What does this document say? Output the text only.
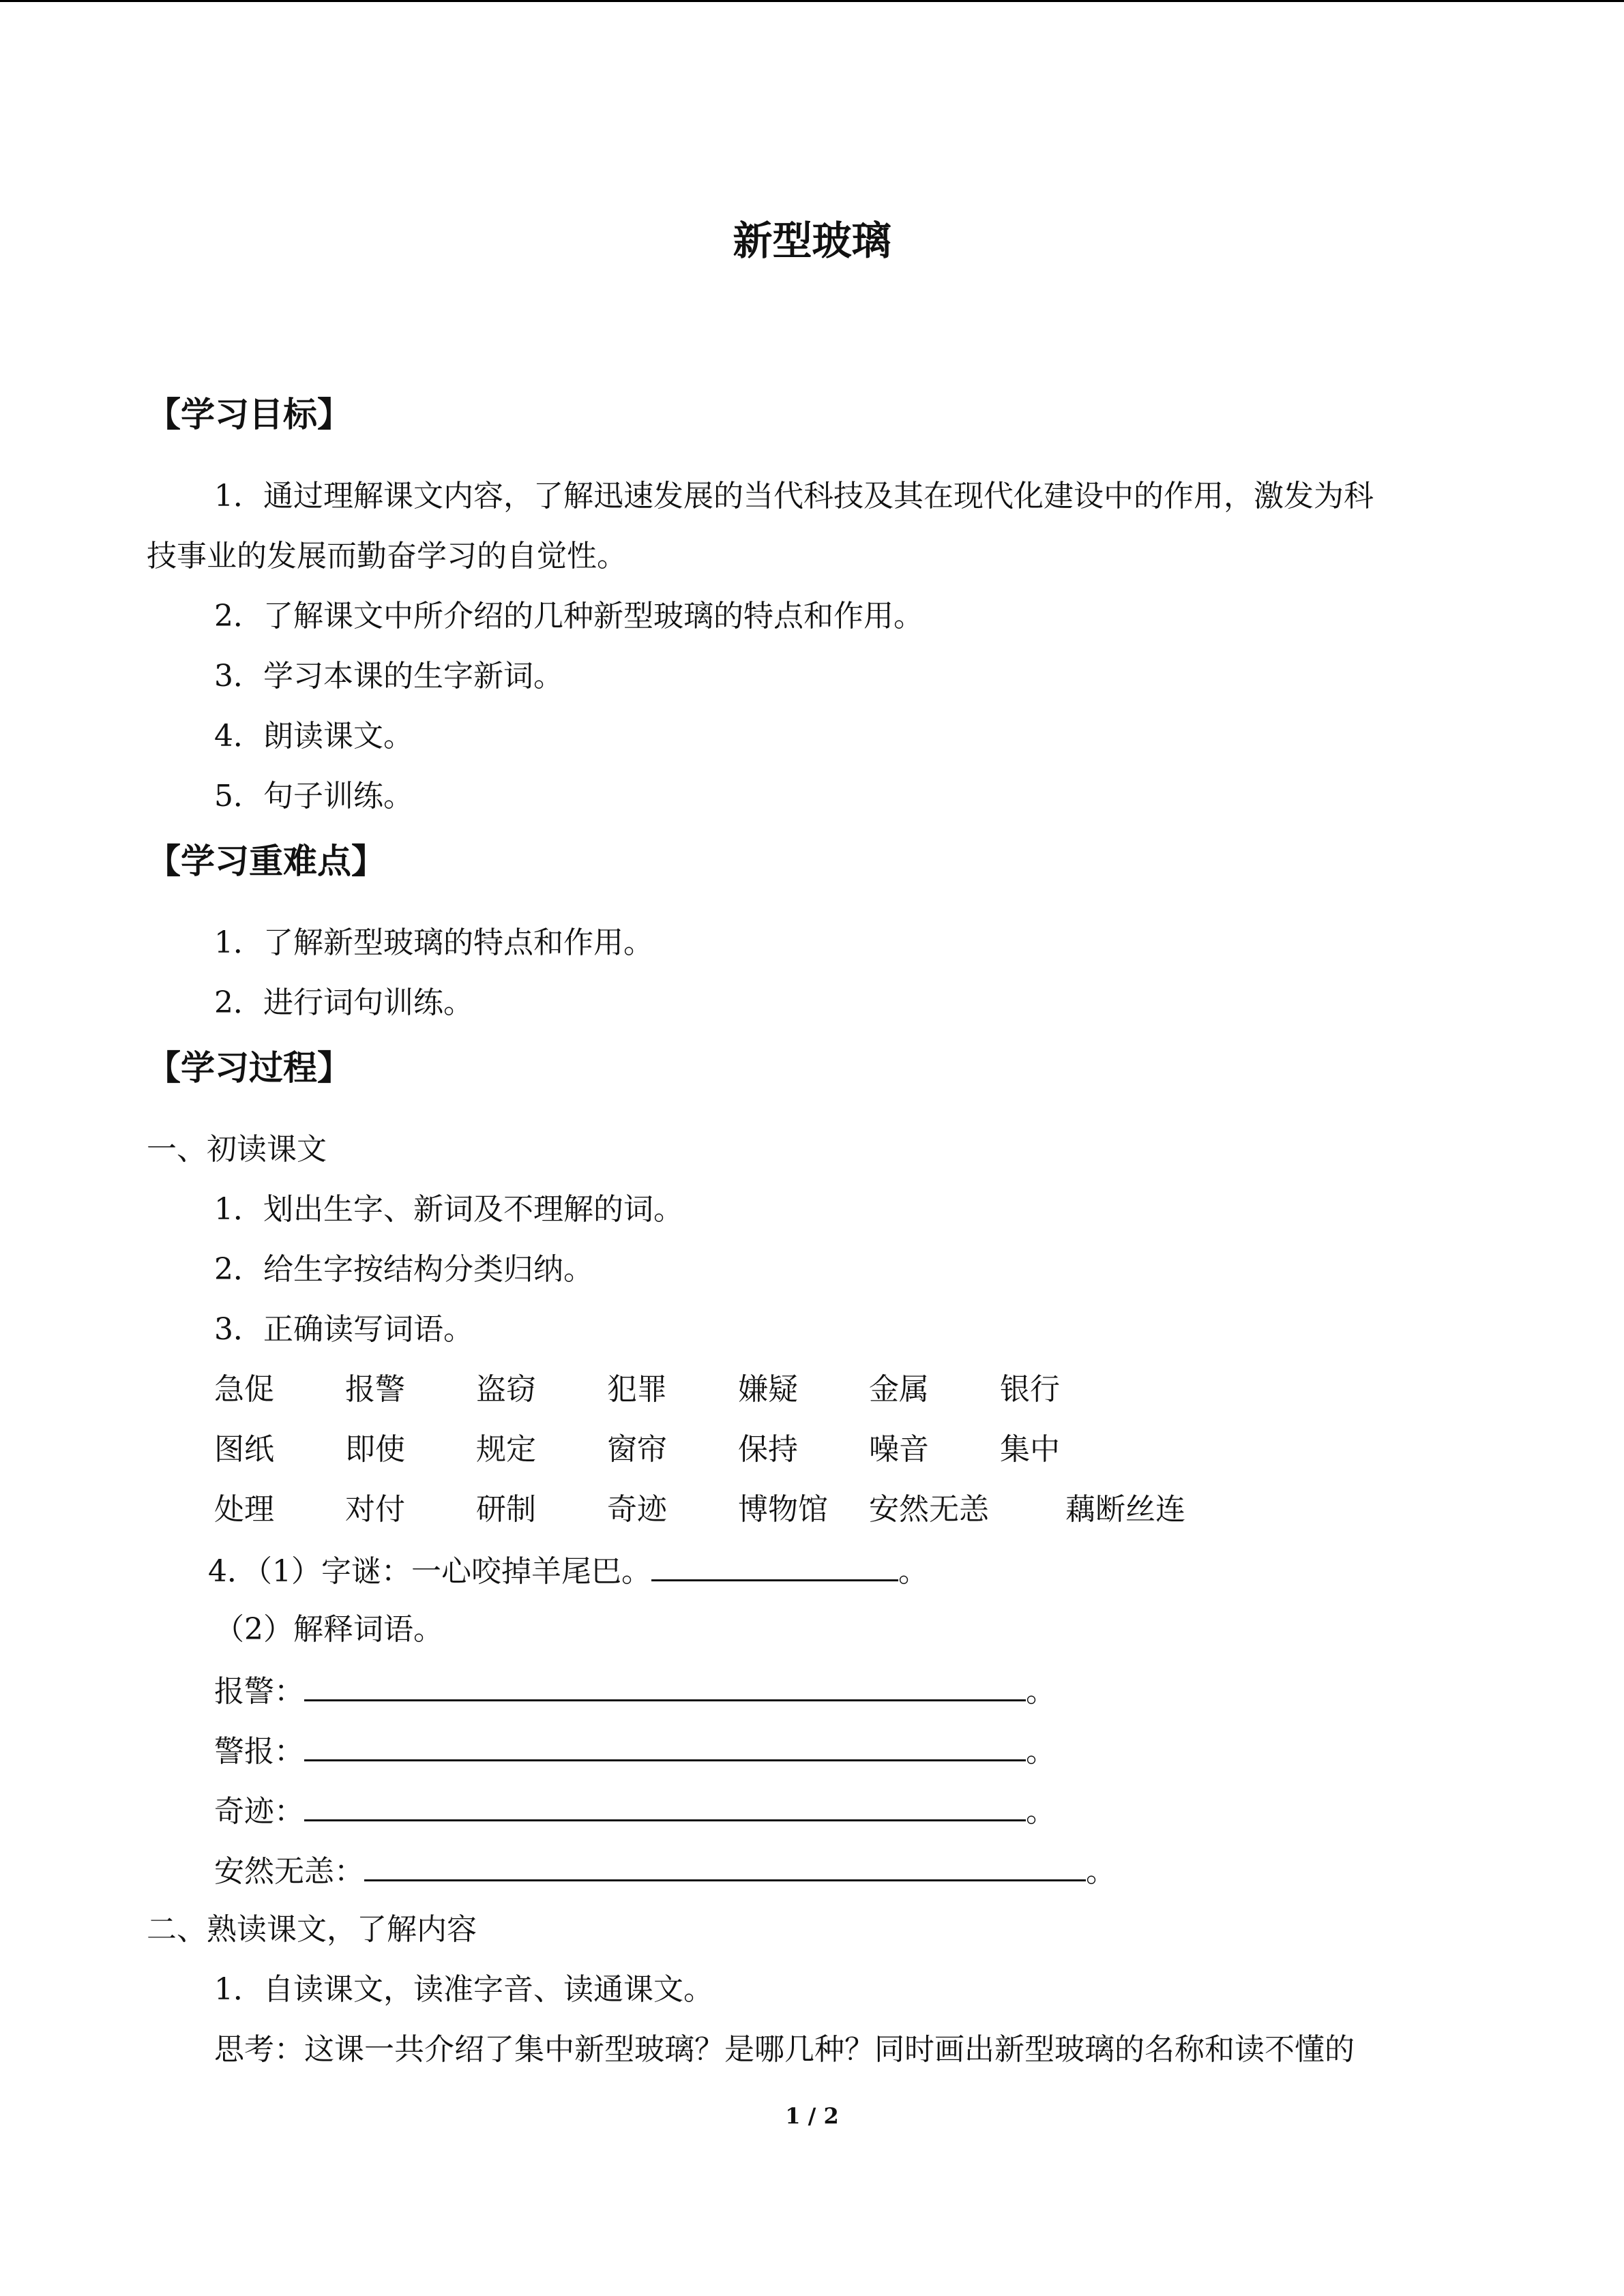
新型玻璃
【学习目标】
1．通过理解课文内容，了解迅速发展的当代科技及其在现代化建设中的作用，激发为科
技事业的发展而勤奋学习的自觉性。
2．了解课文中所介绍的几种新型玻璃的特点和作用。
3．学习本课的生字新词。
4．朗读课文。
5．句子训练。
【学习重难点】
1．了解新型玻璃的特点和作用。
2．进行词句训练。
【学习过程】
一、初读课文
1．划出生字、新词及不理解的词。
2．给生字按结构分类归纳。
3．正确读写词语。
急促 报警 盗窃 犯罪 嫌疑 金属 银行
图纸 即使 规定 窗帘 保持 噪音 集中
处理 对付 研制 奇迹 博物馆 安然无恙	藕断丝连
4．（1）字谜：一心咬掉羊尾巴。	。
（2）解释词语。
报警：	。
警报：	。
奇迹：	。
安然无恙：	。
二、熟读课文，了解内容
1．自读课文，读准字音、读通课文。
思考：这课一共介绍了集中新型玻璃？是哪几种？同时画出新型玻璃的名称和读不懂的
1 / 2
